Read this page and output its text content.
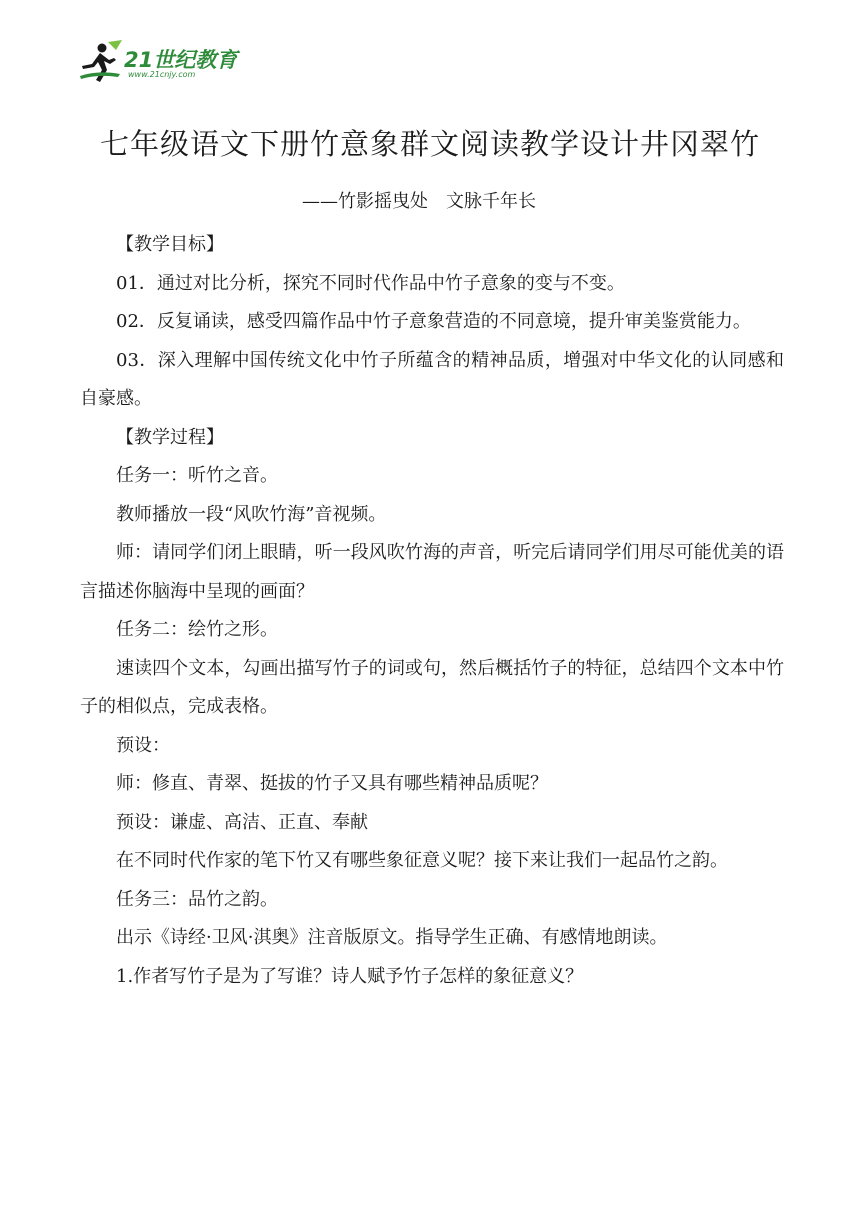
21世纪教育
www.21cnjy.com
七年级语文下册竹意象群文阅读教学设计井冈翠竹
——竹影摇曳处　文脉千年长

【教学目标】

01．通过对比分析，探究不同时代作品中竹子意象的变与不变。

02．反复诵读，感受四篇作品中竹子意象营造的不同意境，提升审美鉴赏能力。

03．深入理解中国传统文化中竹子所蕴含的精神品质，增强对中华文化的认同感和自豪感。

【教学过程】

任务一：听竹之音。

教师播放一段“风吹竹海”音视频。

师：请同学们闭上眼睛，听一段风吹竹海的声音，听完后请同学们用尽可能优美的语言描述你脑海中呈现的画面？

任务二：绘竹之形。

速读四个文本，勾画出描写竹子的词或句，然后概括竹子的特征，总结四个文本中竹子的相似点，完成表格。

预设：

师：修直、青翠、挺拔的竹子又具有哪些精神品质呢？

预设：谦虚、高洁、正直、奉献

在不同时代作家的笔下竹又有哪些象征意义呢？接下来让我们一起品竹之韵。

任务三：品竹之韵。

出示《诗经·卫风·淇奥》注音版原文。指导学生正确、有感情地朗读。

1.作者写竹子是为了写谁？诗人赋予竹子怎样的象征意义？
